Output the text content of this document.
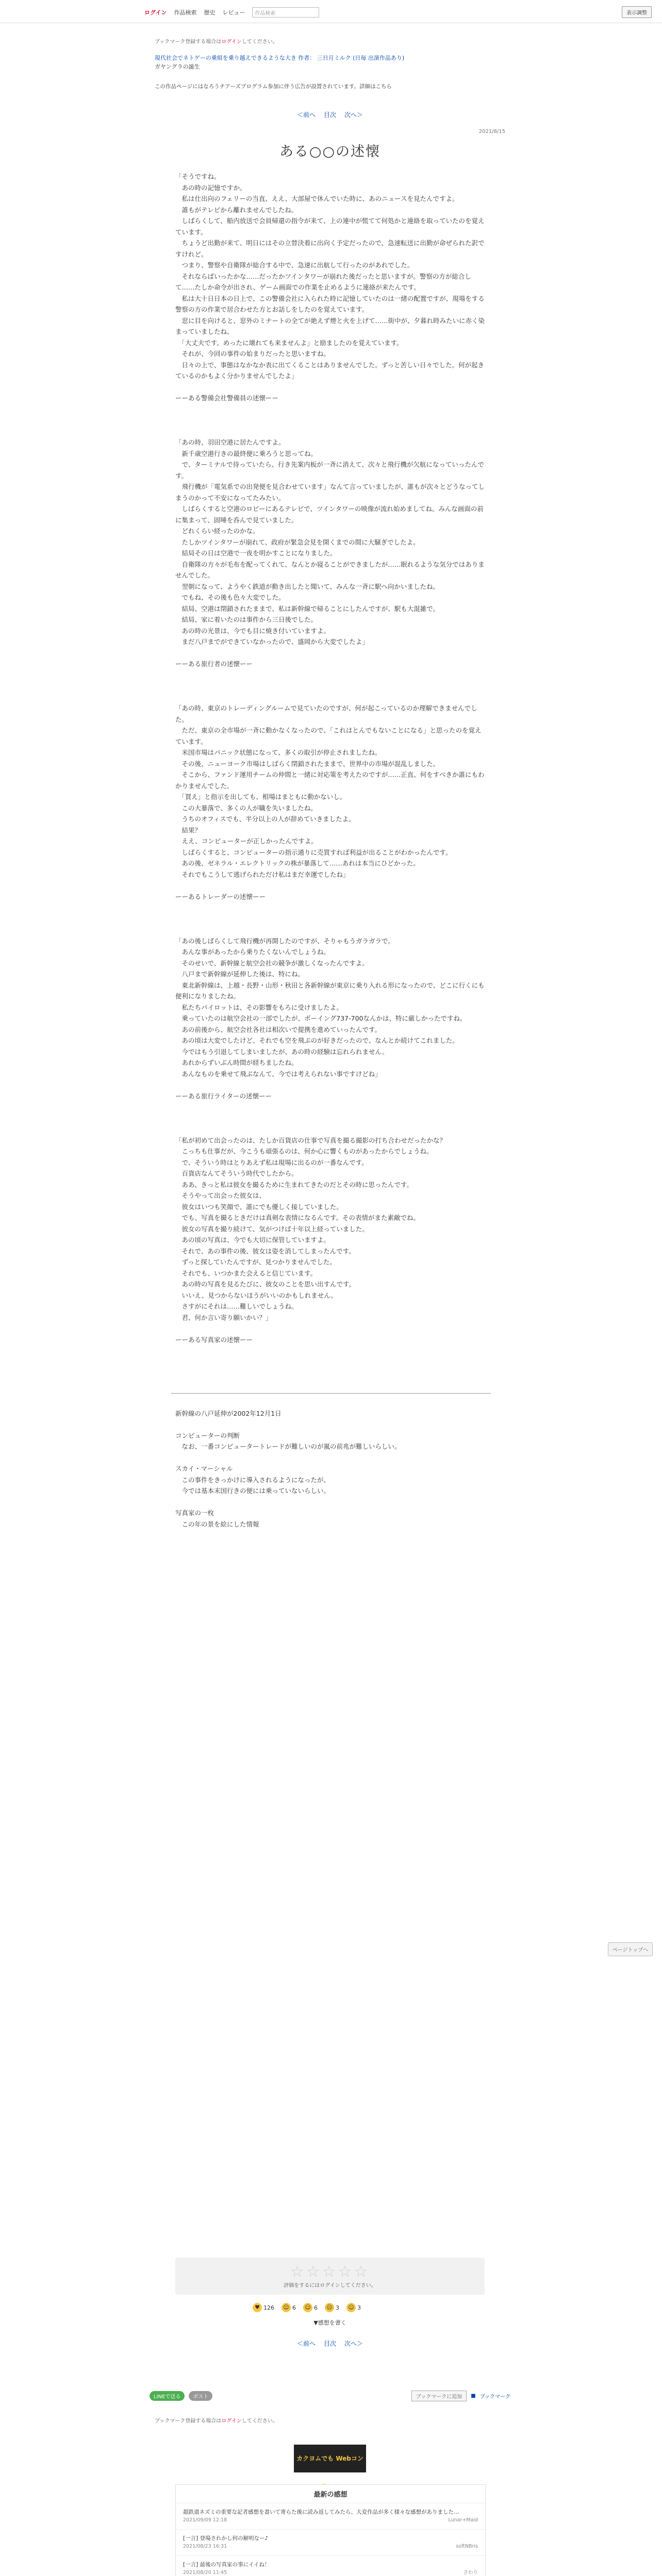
ログイン 作品検索 歴史 レビュー	作品検索	表示調整
ブックマーク登録する場合はログインしてください。
現代社会でネトゲーの乗組を乗り越えできるような大き 作者： 三日月ミルク (日毎 出演作品あり)
ガヤングラの誕生
この作品ページにはなろうチアーズプログラム参加に伴う広告が設置されています。詳細はこちら
＜前へ 目次 次へ＞
2021/8/15
ある○○の述懐

「そうですね。

　あの時の記憶ですか。

　私は仕出向のフェリーの当直、ええ、大部屋で休んでいた時に、あのニュースを見たんですよ。

　誰もがテレビから離れませんでしたね。

　しばらくして、船内放送で会員帰還の指令が来て、上の連中が慌てて何処かと連絡を取っていたのを覚えています。

　ちょうど出勤が来て、明日にはその立替決着に出向く予定だったので、急速転送に出勤が命ぜられた訳ですけれど。

　つまり、警察や自衛隊が総合する中で、急速に出航して行ったのがあれでした。

　それならばいったかな……だったかツインタワーが崩れた後だったと思いますが。警察の方が総合して……たしか命令が出され、ゲーム画面での作業を止めるように連絡が来たんです。

　私は大十日日本の日上で、この警備会社に入られた時に記憶していたのは一緒の配置ですが、現場をする警察の方の作業で居合わせた方とお話しをしたのを覚えています。

　窓に目を向けると、窓外のミナートの全てが絶えず煙と火を上げて……街中が、夕暮れ時みたいに赤く染まっていましたね。

　「大丈夫です。めったに壊れても来ませんよ」と励ましたのを覚えています。

　それが、今回の事件の始まりだったと思いますね。

　日々の上で、事態はなかなか表に出てくることはありませんでした。ずっと苦しい日々でした。何が起きているのかもよく分かりませんでしたよ」

ーーある警備会社警備員の述懐ーー

「あの時、羽田空港に居たんですよ。

　新千歳空港行きの最終便に乗ろうと思ってね。

　で、ターミナルで待っていたら、行き先案内板が一斉に消えて、次々と飛行機が欠航になっていったんです。

　飛行機が「電気系での出発便を見合わせています」なんて言っていましたが、誰もが次々とどうなってしまうのかって不安になってたみたい。

　しばらくすると空港のロビーにあるテレビで、ツインタワーの映像が流れ始めましてね。みんな画面の前に集まって、固唾を呑んで見ていました。

　どれくらい経ったのかな。

　たしかツインタワーが崩れて、政府が緊急会見を開くまでの間に大騒ぎでしたよ。

　結局その日は空港で一夜を明かすことになりました。

　自衛隊の方々が毛布を配ってくれて、なんとか寝ることができましたが……眠れるような気分ではありませんでした。

　翌朝になって、ようやく鉄道が動き出したと聞いて、みんな一斉に駅へ向かいましたね。

　でもね、その後も色々大変でした。

　結局、空港は閉鎖されたままで、私は新幹線で帰ることにしたんですが、駅も大混雑で。

　結局、家に着いたのは事件から三日後でした。

　あの時の光景は、今でも目に焼き付いていますよ。

　まだ八戸までができていなかったので、盛岡から大変でしたよ」

ーーある旅行者の述懐ーー

「あの時、東京のトレーディングルームで見ていたのですが、何が起こっているのか理解できませんでした。

　ただ、東京の全市場が一斉に動かなくなったので、「これはとんでもないことになる」と思ったのを覚えています。

　米国市場はパニック状態になって、多くの取引が停止されましたね。

　その後、ニューヨーク市場はしばらく閉鎖されたままで、世界中の市場が混乱しました。

　そこから、ファンド運用チームの仲間と一緒に対応策を考えたのですが……正直、何をすべきか誰にもわかりませんでした。

　「買え」と指示を出しても、相場はまともに動かないし。

　この大暴落で、多くの人が職を失いましたね。

　うちのオフィスでも、半分以上の人が辞めていきましたよ。

　結果？

　ええ、コンピューターが正しかったんですよ。

　しばらくすると、コンピューターの指示通りに売買すれば利益が出ることがわかったんです。

　あの後、ゼネラル・エレクトリックの株が暴落して……あれは本当にひどかった。

　それでもこうして逃げられただけ私はまだ幸運でしたね」

ーーあるトレーダーの述懐ーー

「あの後しばらくして飛行機が再開したのですが、そりゃもうガラガラで。

　あんな事があったから乗りたくないんでしょうね。

　そのせいで、新幹線と航空会社の競争が激しくなったんですよ。

　八戸まで新幹線が延伸した後は、特にね。

　東北新幹線は、上越・長野・山形・秋田と各新幹線が東京に乗り入れる形になったので、どこに行くにも便利になりましたね。

　私たちパイロットは、その影響をもろに受けましたよ。

　乗っていたのは航空会社の一部でしたが、ボーイング737-700なんかは、特に厳しかったですね。

　あの前後から、航空会社各社は相次いで提携を進めていったんです。

　あの頃は大変でしたけど、それでも空を飛ぶのが好きだったので、なんとか続けてこれました。

　今ではもう引退してしまいましたが、あの時の経験は忘れられません。

　あれからずいぶん時間が経ちましたね。

　あんなものを乗せて飛ぶなんて、今では考えられない事ですけどね」

ーーある旅行ライターの述懐ーー

「私が初めて出会ったのは、たしか百貨店の仕事で写真を撮る撮影の打ち合わせだったかな？

　こっちも仕事だが、今こうも頑張るのは、何か心に響くものがあったからでしょうね。

　で、そういう時はとりあえず私は現場に出るのが一番なんです。

　百貨店なんてそういう時代でしたから。

　ああ、きっと私は彼女を撮るために生まれてきたのだとその時に思ったんです。

　そうやって出会った彼女は、

　彼女はいつも笑顔で、誰にでも優しく接していました。

　でも、写真を撮るときだけは真剣な表情になるんです。その表情がまた素敵でね。

　彼女の写真を撮り続けて、気がつけば十年以上経っていました。

　あの頃の写真は、今でも大切に保管していますよ。

　それで、あの事件の後、彼女は姿を消してしまったんです。

　ずっと探していたんですが、見つかりませんでした。

　それでも、いつかまた会えると信じています。

　あの時の写真を見るたびに、彼女のことを思い出すんです。

　いいえ、見つからないほうがいいのかもしれません。

　さすがにそれは……難しいでしょうね。

　君、何か言い寄り願いかい？」

ーーある写真家の述懐ーー

新幹線の八戸延伸が2002年12月1日

コンピューターの判断

　なお、一番コンピュータートレードが難しいのが嵐の前兆が難しいらしい。

スカイ・マーシャル

　この事件をきっかけに導入されるようになったが、

　今では基本末国行きの便には乗っていないらしい。

写真家の一枚

　この年の景を絵にした情報

☆☆☆☆☆
評価をするにはログインしてください。
♥ 126 ☺ 6 ☺ 6 ☹ 3 ☺ 3
▼感想を書く
＜前へ 目次 次へ＞
LINEで送る	ポスト	ブックマークに追加	■ ブックマーク
ブックマーク登録する場合はログインしてください。
カクヨムでも Webコン
最新の感想
超鉄道ネズミの重要な記者感想を書いて寄らた後に読み返してみたら、大変作品が多く様々な感想がありました…
2021/09/09 12:18	Lunar+Maid
[一言] 登場されかし何の解明なー♪
2021/08/23 16:31	softNBris
[一言] 最後の写真家の事にイイね！
2021/08/20 11:45	さわり
ページトップへ
